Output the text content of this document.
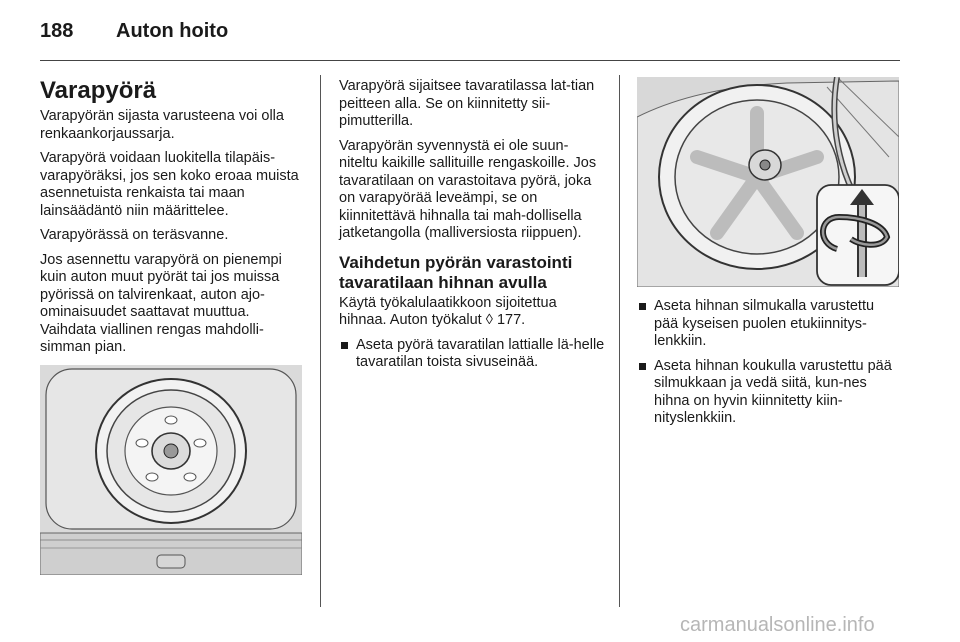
188 Auton hoito
Varapyörä

Varapyörän sijasta varusteena voi olla renkaankorjaussarja.

Varapyörä voidaan luokitella tilapäis-varapyöräksi, jos sen koko eroaa muista asennetuista renkaista tai maan lainsäädäntö niin määrittelee.

Varapyörässä on teräsvanne.

Jos asennettu varapyörä on pienempi kuin auton muut pyörät tai jos muissa pyörissä on talvirenkaat, auton ajo-ominaisuudet saattavat muuttua. Vaihdata viallinen rengas mahdolli-simman pian.

Varapyörä sijaitsee tavaratilassa lat-tian peitteen alla. Se on kiinnitetty sii-pimutterilla.

Varapyörän syvennystä ei ole suun-niteltu kaikille sallituille rengaskoille. Jos tavaratilaan on varastoitava pyörä, joka on varapyörää leveämpi, se on kiinnitettävä hihnalla tai mah-dollisella jatketangolla (malliversiosta riippuen).

Vaihdetun pyörän varastointi tavaratilaan hihnan avulla

Käytä työkalulaatikkoon sijoitettua hihnaa. Auton työkalut ◊ 177.

Aseta pyörä tavaratilan lattialle lä-helle tavaratilan toista sivuseinää.
Aseta hihnan silmukalla varustettu pää kyseisen puolen etukiinnitys-lenkkiin.
Aseta hihnan koukulla varustettu pää silmukkaan ja vedä siitä, kun-nes hihna on hyvin kiinnitetty kiin-nityslenkkiin.
carmanualsonline.info
